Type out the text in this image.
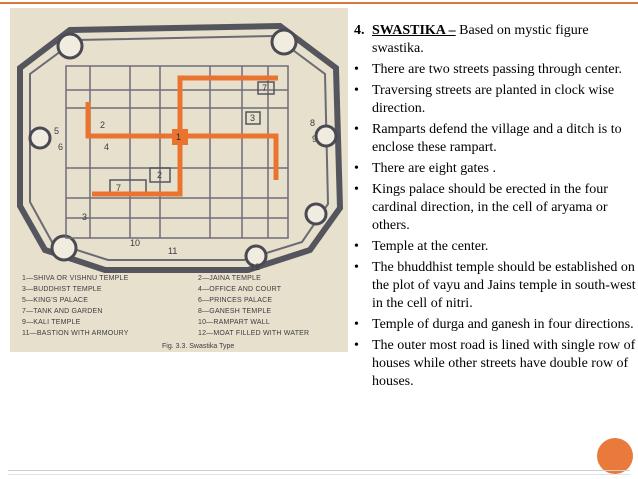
1
2
3
4
5
6
7
8
9
10
11
12
2
3
7
1—SHIVA OR VISHNU TEMPLE	2—JAINA TEMPLE
3—BUDDHIST TEMPLE	4—OFFICE AND COURT
5—KING'S PALACE	6—PRINCES PALACE
7—TANK AND GARDEN	8—GANESH TEMPLE
9—KALI TEMPLE	10—RAMPART WALL
11—BASTION WITH ARMOURY	12—MOAT FILLED WITH WATER
Fig. 3.3. Swastika Type
4. SWASTIKA – Based on mystic figure
swastika.
• There are two streets passing through center.
• Traversing streets are planted in clock wise direction.
• Ramparts defend the village and a ditch is to enclose these rampart.
• There are eight gates .
• Kings palace should be erected in the four cardinal direction, in the cell of aryama or others.
• Temple at the center.
• The bhuddhist temple should be established on the plot of vayu and Jains temple in south-west in the cell of nitri.
• Temple of durga and ganesh in four directions.
• The outer most road is lined with single row of houses while other streets have double row of houses.
